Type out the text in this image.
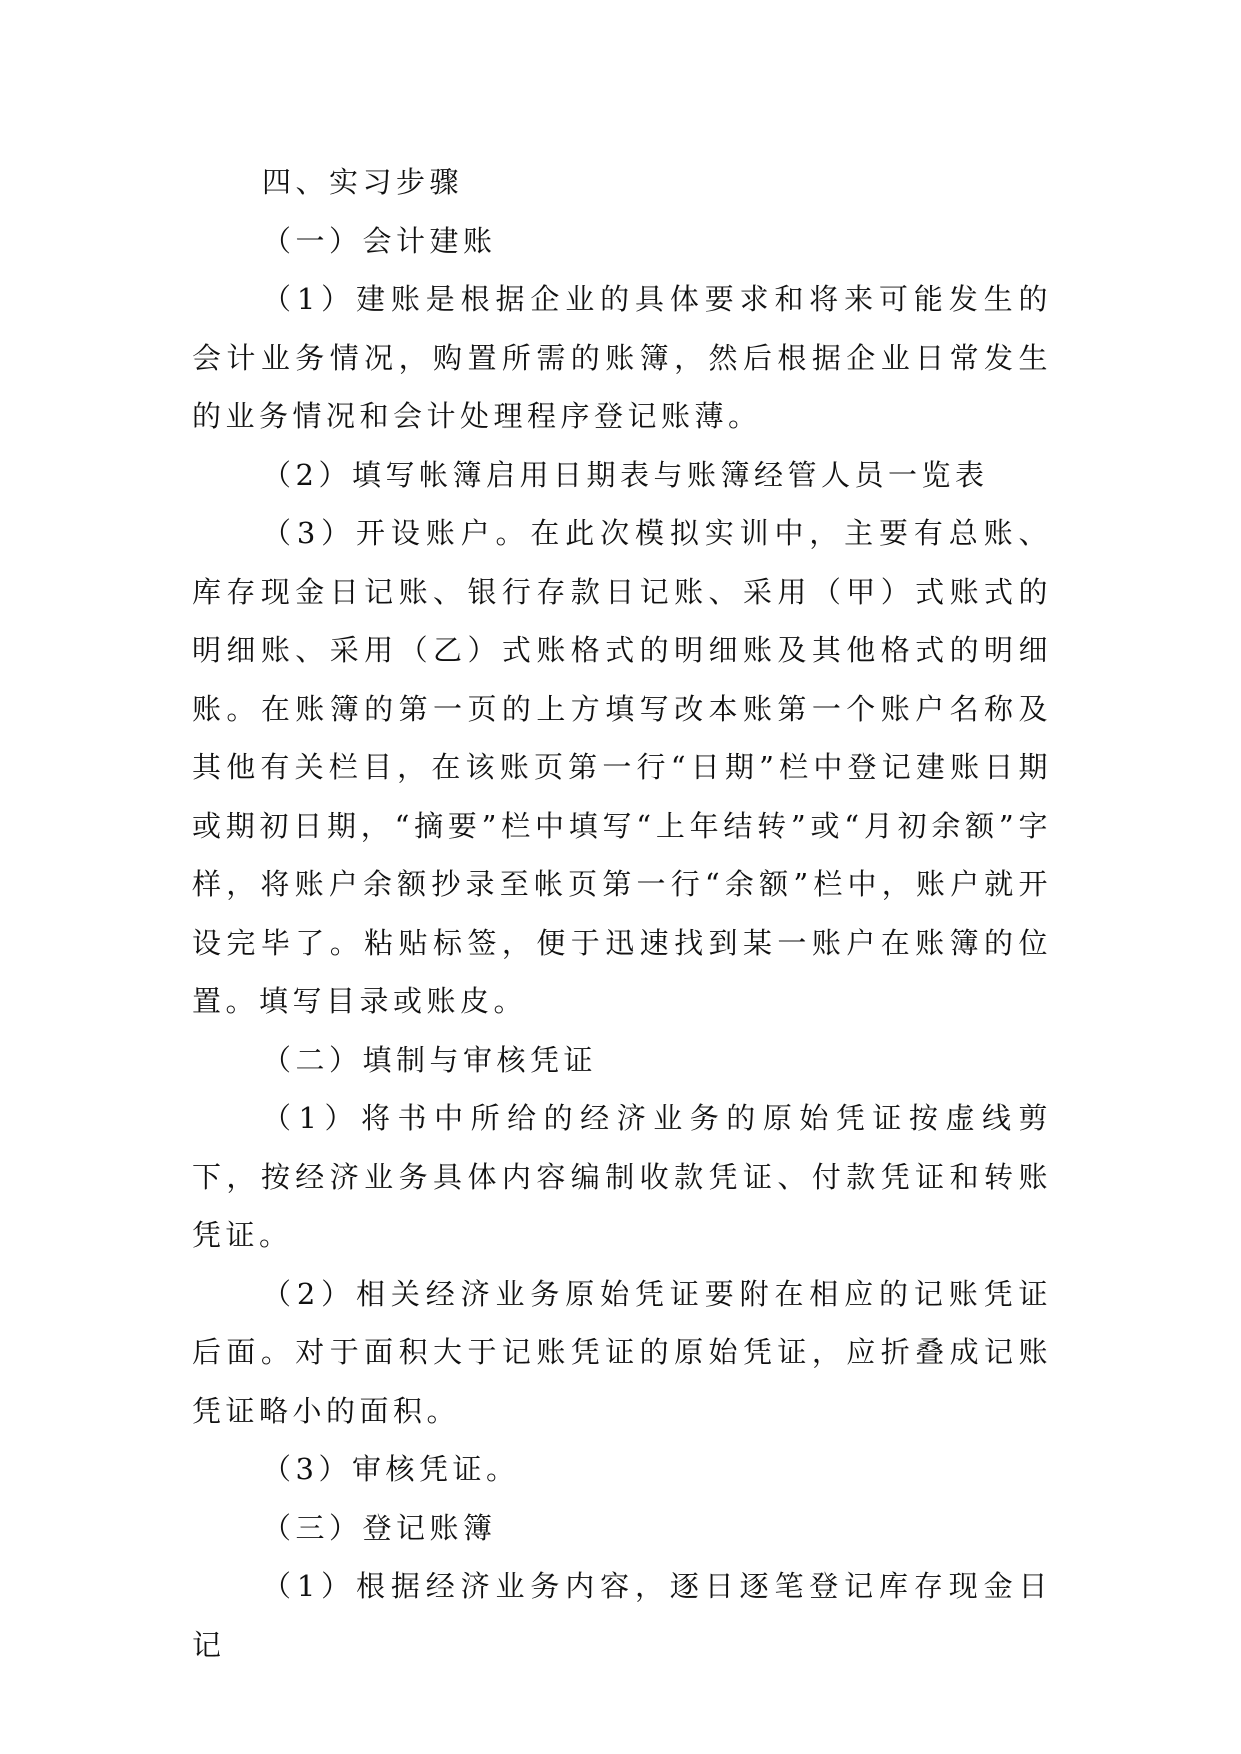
四、实习步骤
（一）会计建账

（1）建账是根据企业的具体要求和将来可能发生的会计业务情况，购置所需的账簿，然后根据企业日常发生的业务情况和会计处理程序登记账薄。

（2）填写帐簿启用日期表与账簿经管人员一览表

（3）开设账户。在此次模拟实训中，主要有总账、库存现金日记账、银行存款日记账、采用（甲）式账式的明细账、采用（乙）式账格式的明细账及其他格式的明细账。在账簿的第一页的上方填写改本账第一个账户名称及其他有关栏目，在该账页第一行“日期”栏中登记建账日期或期初日期，“摘要”栏中填写“上年结转”或“月初余额”字样，将账户余额抄录至帐页第一行“余额”栏中，账户就开设完毕了。粘贴标签，便于迅速找到某一账户在账簿的位置。填写目录或账皮。

（二）填制与审核凭证

（1）将书中所给的经济业务的原始凭证按虚线剪下，按经济业务具体内容编制收款凭证、付款凭证和转账凭证。

（2）相关经济业务原始凭证要附在相应的记账凭证后面。对于面积大于记账凭证的原始凭证，应折叠成记账凭证略小的面积。

（3）审核凭证。

（三）登记账簿

（1）根据经济业务内容，逐日逐笔登记库存现金日记
